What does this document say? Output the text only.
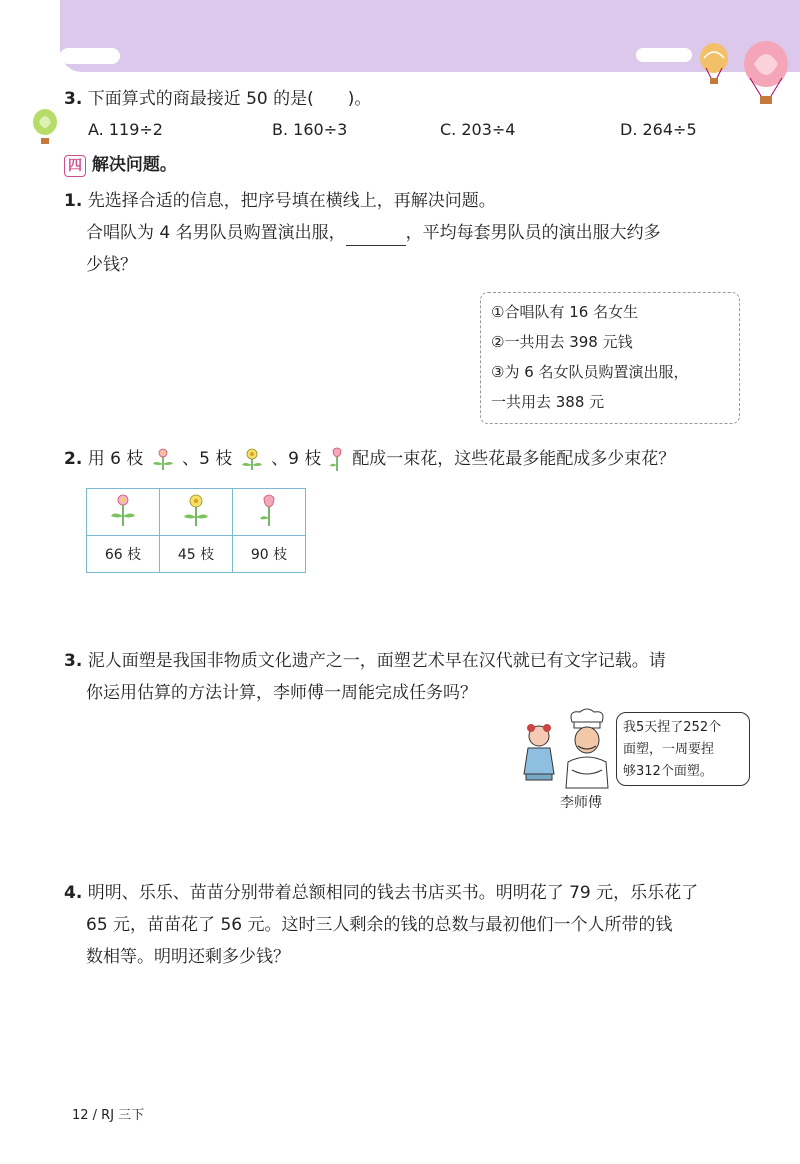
3. 下面算式的商最接近 50 的是(　　)。
A. 119÷2	B. 160÷3	C. 203÷4	D. 264÷5
四 解决问题。
1. 先选择合适的信息，把序号填在横线上，再解决问题。
合唱队为 4 名男队员购置演出服，	，平均每套男队员的演出服大约多
少钱？
①合唱队有 16 名女生
②一共用去 398 元钱
③为 6 名女队员购置演出服，
一共用去 388 元
2. 用 6 枝 、5 枝 、9 枝 配成一束花，这些花最多能配成多少束花？

66 枝	45 枝	90 枝
3. 泥人面塑是我国非物质文化遗产之一，面塑艺术早在汉代就已有文字记载。请
你运用估算的方法计算，李师傅一周能完成任务吗？
我5天捏了252个
面塑，一周要捏
够312个面塑。
李师傅
4. 明明、乐乐、苗苗分别带着总额相同的钱去书店买书。明明花了 79 元，乐乐花了
65 元，苗苗花了 56 元。这时三人剩余的钱的总数与最初他们一个人所带的钱
数相等。明明还剩多少钱？
12 / RJ 三下
